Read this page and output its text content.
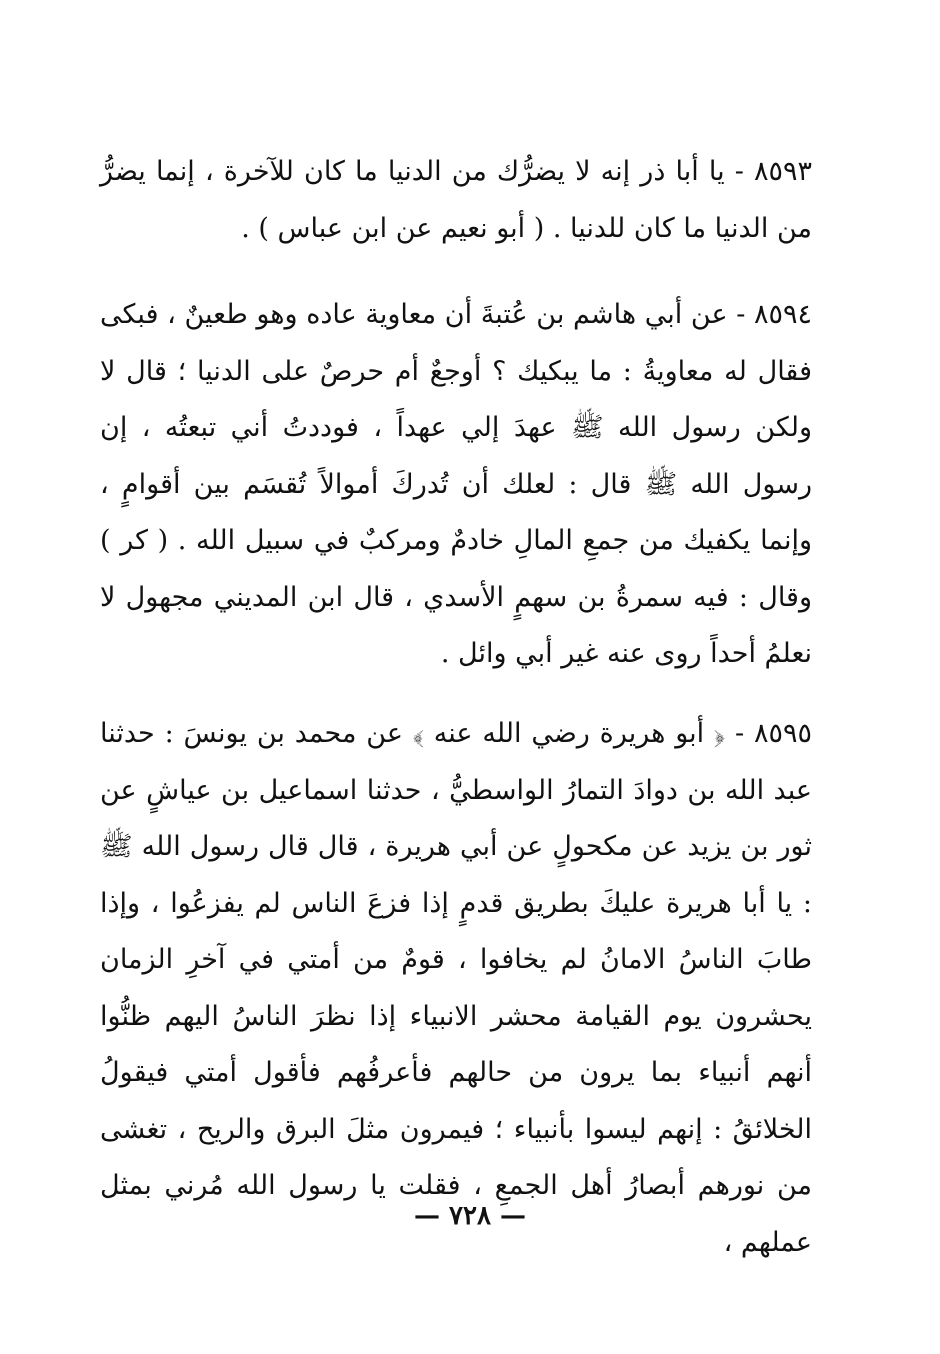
٨٥٩٣ - يا أبا ذر إنه لا يضرُّك من الدنيا ما كان للآخرة ، إنما يضرُّ من الدنيا ما كان للدنيا . ( أبو نعيم عن ابن عباس ) .
٨٥٩٤ - عن أبي هاشم بن عُتبةَ أن معاوية عاده وهو طعينٌ ، فبكى فقال له معاويةُ : ما يبكيك ؟ أوجعٌ أم حرصٌ على الدنيا ؛ قال لا ولكن رسول الله ﷺ عهدَ إلي عهداً ، فوددتُ أني تبعتُه ، إن رسول الله ﷺ قال : لعلك أن تُدركَ أموالاً تُقسَم بين أقوامٍ ، وإنما يكفيك من جمعِ المالِ خادمٌ ومركبٌ في سبيل الله . ( كر ) وقال : فيه سمرةُ بن سهمٍ الأسدي ، قال ابن المديني مجهول لا نعلمُ أحداً روى عنه غير أبي وائل .
٨٥٩٥ - ﴿ أبو هريرة رضي الله عنه ﴾ عن محمد بن يونسَ : حدثنا عبد الله بن دوادَ التمارُ الواسطيُّ ، حدثنا اسماعيل بن عياشٍ عن ثور بن يزيد عن مكحولٍ عن أبي هريرة ، قال قال رسول الله ﷺ : يا أبا هريرة عليكَ بطريق قدمٍ إذا فزعَ الناس لم يفزعُوا ، وإذا طابَ الناسُ الامانُ لم يخافوا ، قومٌ من أمتي في آخرِ الزمان يحشرون يوم القيامة محشر الانبياء إذا نظرَ الناسُ اليهم ظنُّوا أنهم أنبياء بما يرون من حالهم فأعرفُهم فأقول أمتي فيقولُ الخلائقُ : إنهم ليسوا بأنبياء ؛ فيمرون مثلَ البرق والريح ، تغشى من نورهم أبصارُ أهل الجمعِ ، فقلت يا رسول الله مُرني بمثل عملهم ،
— ٧٢٨ —
